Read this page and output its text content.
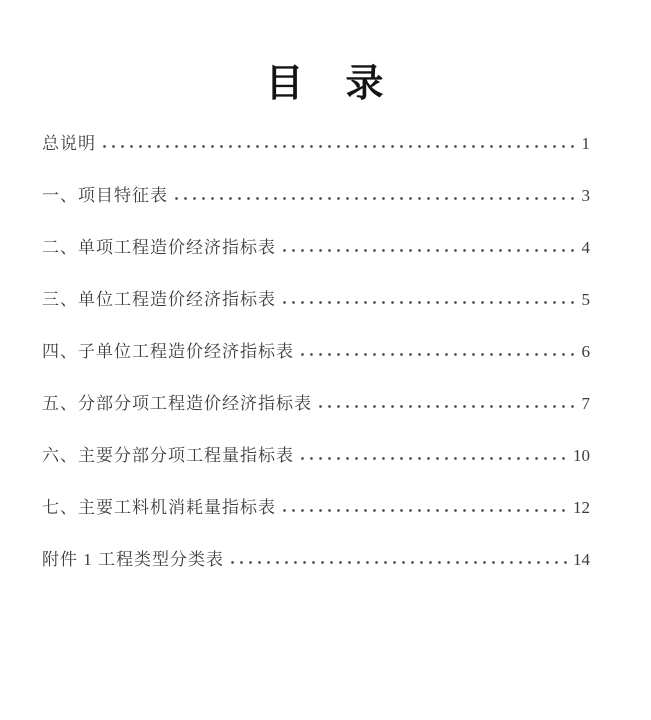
目　录
总说明	1
一、项目特征表	3
二、单项工程造价经济指标表	4
三、单位工程造价经济指标表	5
四、子单位工程造价经济指标表	6
五、分部分项工程造价经济指标表	7
六、主要分部分项工程量指标表	10
七、主要工料机消耗量指标表	12
附件 1 工程类型分类表	14
